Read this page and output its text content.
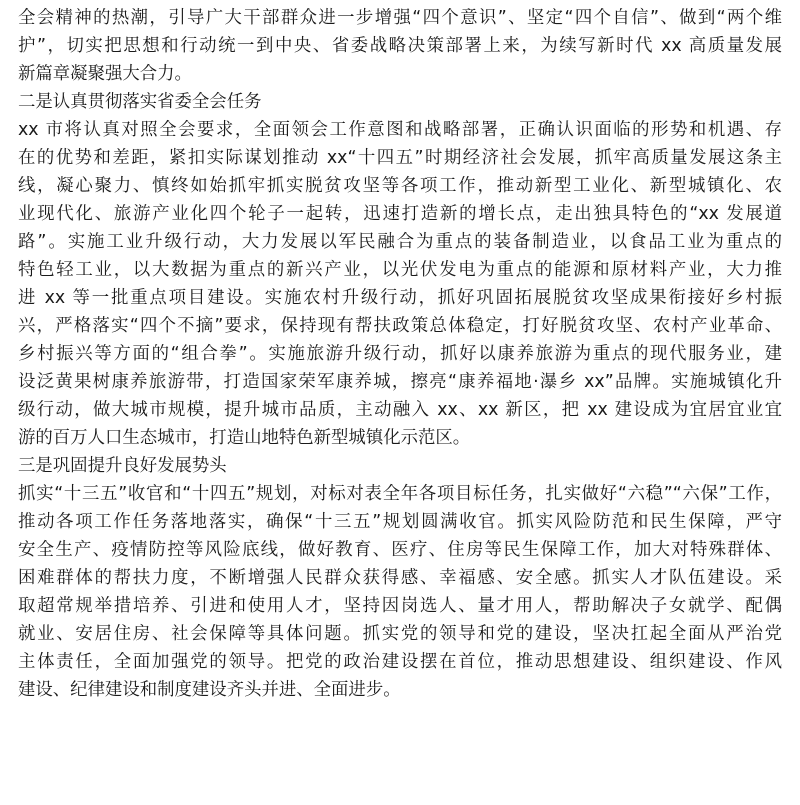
全会精神的热潮，引导广大干部群众进一步增强“四个意识”、坚定“四个自信”、做到“两个维
护”，切实把思想和行动统一到中央、省委战略决策部署上来，为续写新时代 xx 高质量发展
新篇章凝聚强大合力。
二是认真贯彻落实省委全会任务
xx 市将认真对照全会要求，全面领会工作意图和战略部署，正确认识面临的形势和机遇、存
在的优势和差距，紧扣实际谋划推动 xx“十四五”时期经济社会发展，抓牢高质量发展这条主
线，凝心聚力、慎终如始抓牢抓实脱贫攻坚等各项工作，推动新型工业化、新型城镇化、农
业现代化、旅游产业化四个轮子一起转，迅速打造新的增长点，走出独具特色的“xx 发展道
路”。实施工业升级行动，大力发展以军民融合为重点的装备制造业，以食品工业为重点的
特色轻工业，以大数据为重点的新兴产业，以光伏发电为重点的能源和原材料产业，大力推
进 xx 等一批重点项目建设。实施农村升级行动，抓好巩固拓展脱贫攻坚成果衔接好乡村振
兴，严格落实“四个不摘”要求，保持现有帮扶政策总体稳定，打好脱贫攻坚、农村产业革命、
乡村振兴等方面的“组合拳”。实施旅游升级行动，抓好以康养旅游为重点的现代服务业，建
设泛黄果树康养旅游带，打造国家荣军康养城，擦亮“康养福地·瀑乡 xx”品牌。实施城镇化升
级行动，做大城市规模，提升城市品质，主动融入 xx、xx 新区，把 xx 建设成为宜居宜业宜
游的百万人口生态城市，打造山地特色新型城镇化示范区。
三是巩固提升良好发展势头
抓实“十三五”收官和“十四五”规划，对标对表全年各项目标任务，扎实做好“六稳”“六保”工作，
推动各项工作任务落地落实，确保“十三五”规划圆满收官。抓实风险防范和民生保障，严守
安全生产、疫情防控等风险底线，做好教育、医疗、住房等民生保障工作，加大对特殊群体、
困难群体的帮扶力度，不断增强人民群众获得感、幸福感、安全感。抓实人才队伍建设。采
取超常规举措培养、引进和使用人才，坚持因岗选人、量才用人，帮助解决子女就学、配偶
就业、安居住房、社会保障等具体问题。抓实党的领导和党的建设，坚决扛起全面从严治党
主体责任，全面加强党的领导。把党的政治建设摆在首位，推动思想建设、组织建设、作风
建设、纪律建设和制度建设齐头并进、全面进步。
